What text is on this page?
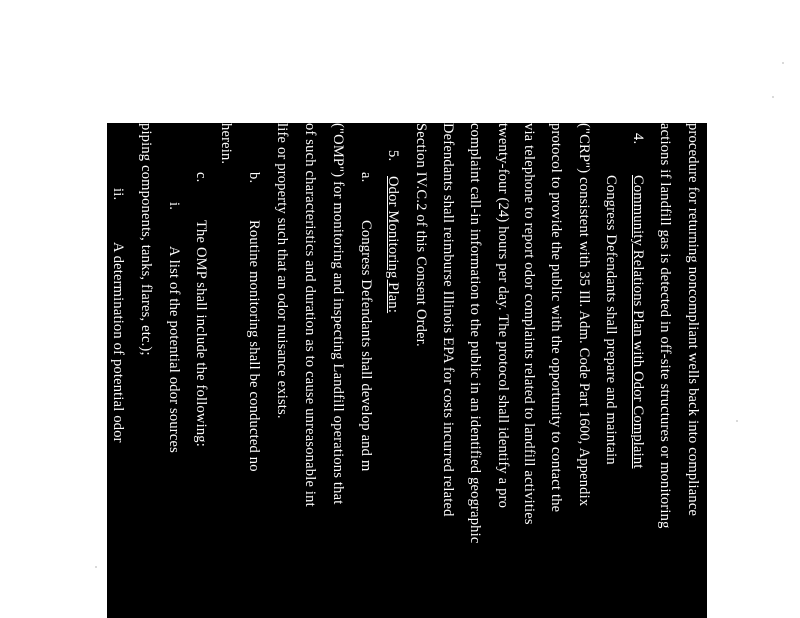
procedure for returning noncompliant wells back into compliance
actions if landfill gas is detected in off-site structures or monitoring
4.
Community Relations Plan with Odor Complaint
Congress Defendants shall prepare and maintain
("CRP") consistent with 35 Ill. Adm. Code Part 1600, Appendix
protocol to provide the public with the opportunity to contact the
via telephone to report odor complaints related to landfill activities
twenty-four (24) hours per day. The protocol shall identify a pro
complaint call-in information to the public in an identified geographic
Defendants shall reimburse Illinois EPA for costs incurred related
Section IV.C.2 of this Consent Order.
5.
Odor Monitoring Plan:
a.
Congress Defendants shall develop and m
("OMP") for monitoring and inspecting Landfill operations that
of such characteristics and duration as to cause unreasonable int
life or property such that an odor nuisance exists.
b.
Routine monitoring shall be conducted no
herein.
c.
The OMP shall include the following:
i.
A list of the potential odor sources
piping components, tanks, flares, etc.);
ii.
A determination of potential odor
are the most likely to result in odor complaints;
